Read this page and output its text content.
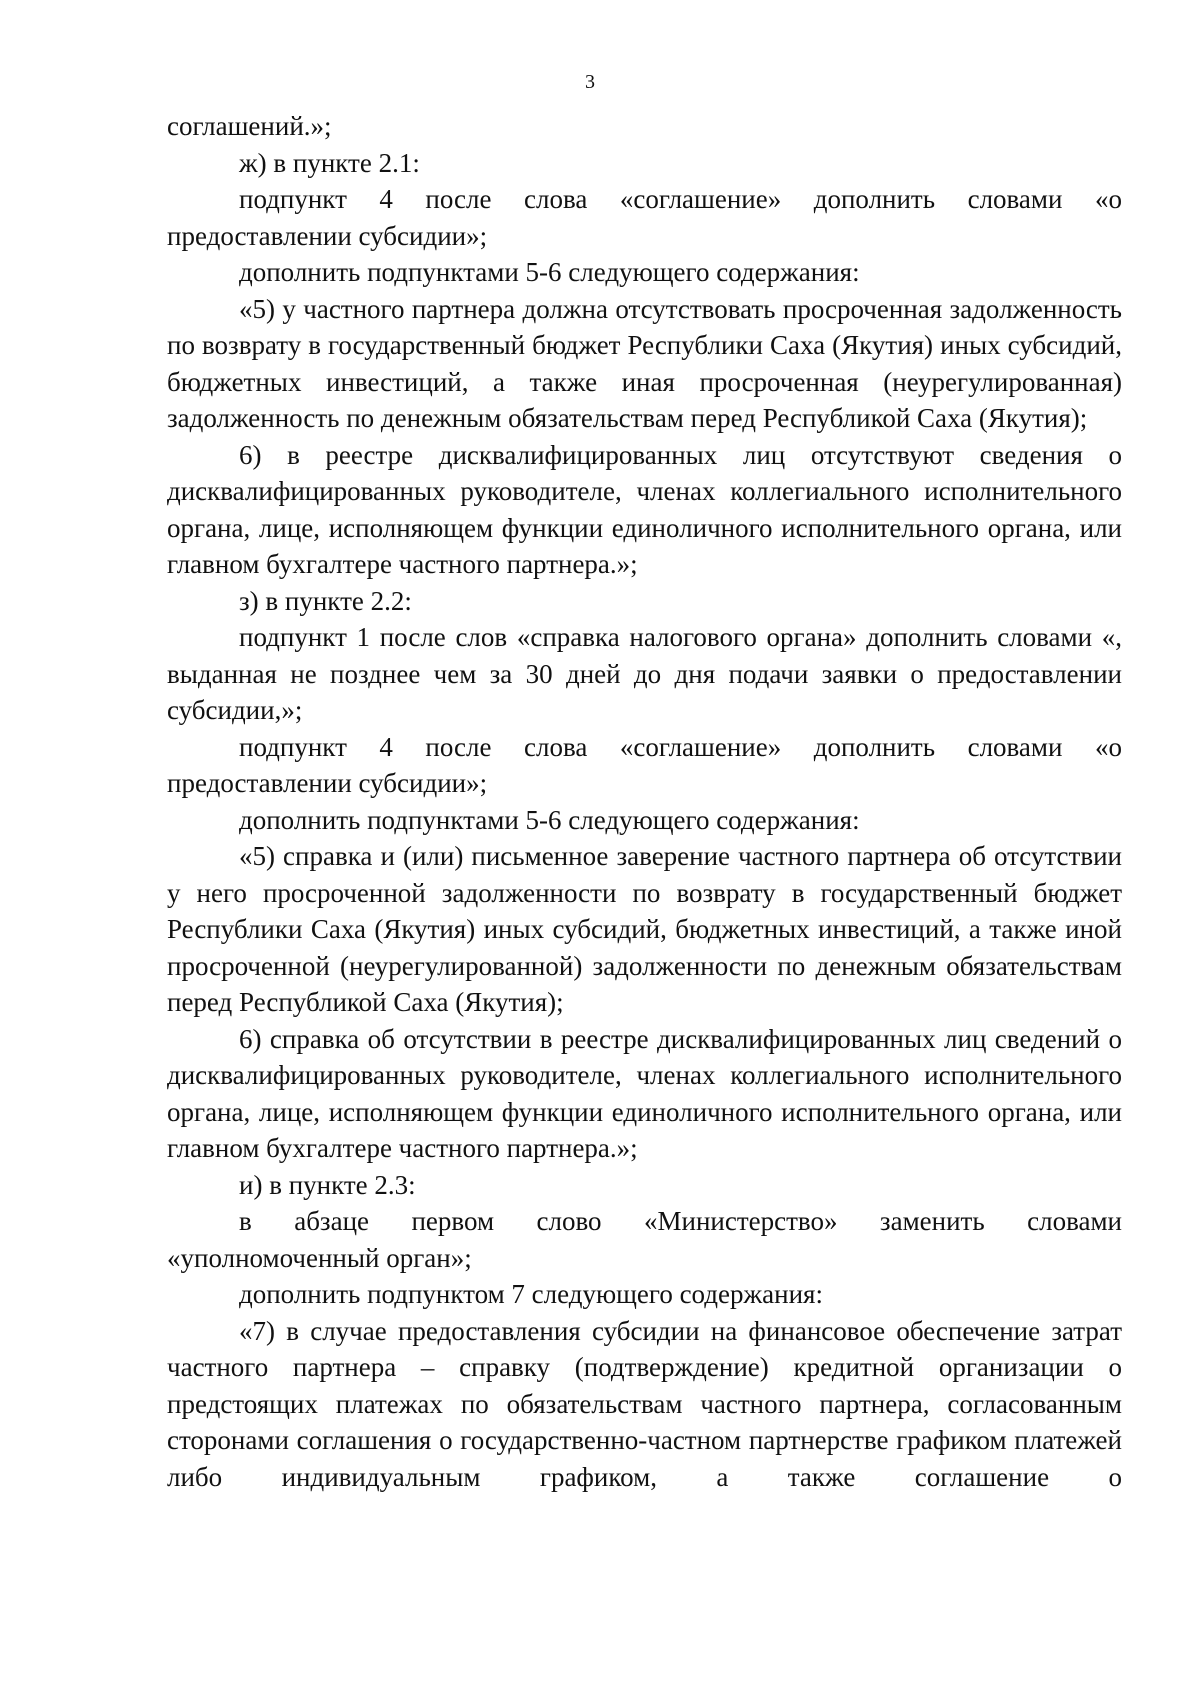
3

соглашений.»;

ж) в пункте 2.1:

подпункт 4 после слова «соглашение» дополнить словами «о предоставлении субсидии»;

дополнить подпунктами 5-6 следующего содержания:

«5) у частного партнера должна отсутствовать просроченная задолженность по возврату в государственный бюджет Республики Саха (Якутия) иных субсидий, бюджетных инвестиций, а также иная просроченная (неурегулированная) задолженность по денежным обязательствам перед Республикой Саха (Якутия);

6) в реестре дисквалифицированных лиц отсутствуют сведения о дисквалифицированных руководителе, членах коллегиального исполнительного органа, лице, исполняющем функции единоличного исполнительного органа, или главном бухгалтере частного партнера.»;

з) в пункте 2.2:

подпункт 1 после слов «справка налогового органа» дополнить словами «, выданная не позднее чем за 30 дней до дня подачи заявки о предоставлении субсидии,»;

подпункт 4 после слова «соглашение» дополнить словами «о предоставлении субсидии»;

дополнить подпунктами 5-6 следующего содержания:

«5) справка и (или) письменное заверение частного партнера об отсутствии у него просроченной задолженности по возврату в государственный бюджет Республики Саха (Якутия) иных субсидий, бюджетных инвестиций, а также иной просроченной (неурегулированной) задолженности по денежным обязательствам перед Республикой Саха (Якутия);

6) справка об отсутствии в реестре дисквалифицированных лиц сведений о дисквалифицированных руководителе, членах коллегиального исполнительного органа, лице, исполняющем функции единоличного исполнительного органа, или главном бухгалтере частного партнера.»;

и) в пункте 2.3:

в абзаце первом слово «Министерство» заменить словами «уполномоченный орган»;

дополнить подпунктом 7 следующего содержания:

«7) в случае предоставления субсидии на финансовое обеспечение затрат частного партнера – справку (подтверждение) кредитной организации о предстоящих платежах по обязательствам частного партнера, согласованным сторонами соглашения о государственно-частном партнерстве графиком платежей либо индивидуальным графиком, а также соглашение о
